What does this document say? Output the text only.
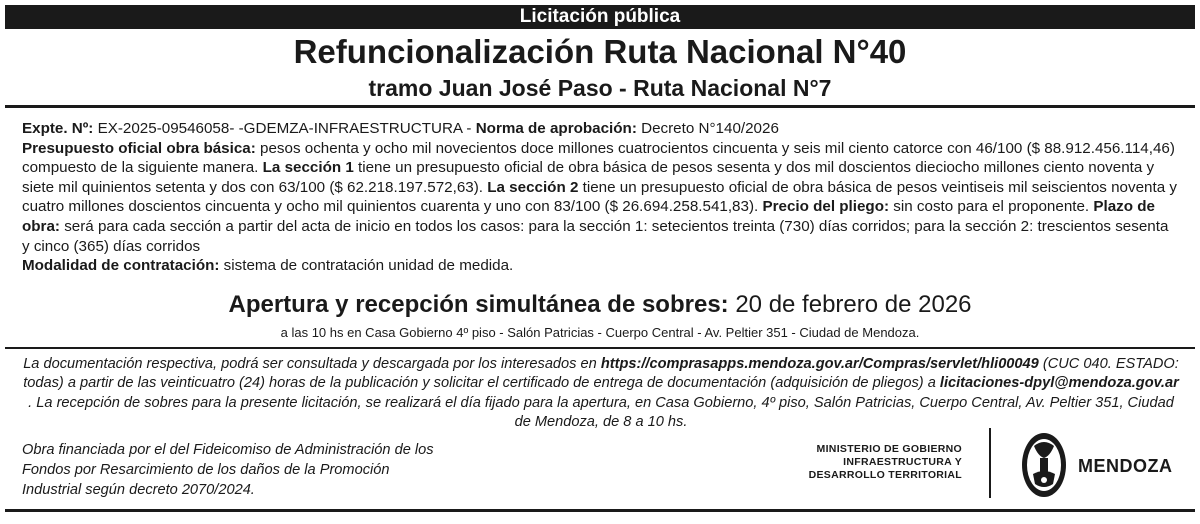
Licitación pública
Refuncionalización Ruta Nacional N°40
tramo Juan José Paso - Ruta Nacional N°7
Expte. Nº: EX-2025-09546058- -GDEMZA-INFRAESTRUCTURA - Norma de aprobación: Decreto N°140/2026
Presupuesto oficial obra básica: pesos ochenta y ocho mil novecientos doce millones cuatrocientos cincuenta y seis mil ciento catorce con 46/100 ($ 88.912.456.114,46) compuesto de la siguiente manera. La sección 1 tiene un presupuesto oficial de obra básica de pesos sesenta y dos mil doscientos dieciocho millones ciento noventa y siete mil quinientos setenta y dos con 63/100 ($ 62.218.197.572,63). La sección 2 tiene un presupuesto oficial de obra básica de pesos veintiseis mil seiscientos noventa y cuatro millones doscientos cincuenta y ocho mil quinientos cuarenta y uno con 83/100 ($ 26.694.258.541,83). Precio del pliego: sin costo para el proponente. Plazo de obra: será para cada sección a partir del acta de inicio en todos los casos: para la sección 1: setecientos treinta (730) días corridos; para la sección 2: trescientos sesenta y cinco (365) días corridos
Modalidad de contratación: sistema de contratación unidad de medida.
Apertura y recepción simultánea de sobres: 20 de febrero de 2026
a las 10 hs en Casa Gobierno 4º piso - Salón Patricias - Cuerpo Central - Av. Peltier 351 - Ciudad de Mendoza.
La documentación respectiva, podrá ser consultada y descargada por los interesados en https://comprasapps.mendoza.gov.ar/Compras/servlet/hli00049 (CUC 040. ESTADO: todas) a partir de las veinticuatro (24) horas de la publicación y solicitar el certificado de entrega de documentación (adquisición de pliegos) a licitaciones-dpyl@mendoza.gov.ar . La recepción de sobres para la presente licitación, se realizará el día fijado para la apertura, en Casa Gobierno, 4º piso, Salón Patricias, Cuerpo Central, Av. Peltier 351, Ciudad de Mendoza, de 8 a 10 hs.
Obra financiada por el del Fideicomiso de Administración de los
Fondos por Resarcimiento de los daños de la Promoción
Industrial según decreto 2070/2024.
MINISTERIO DE GOBIERNO
INFRAESTRUCTURA Y
DESARROLLO TERRITORIAL	MENDOZA
